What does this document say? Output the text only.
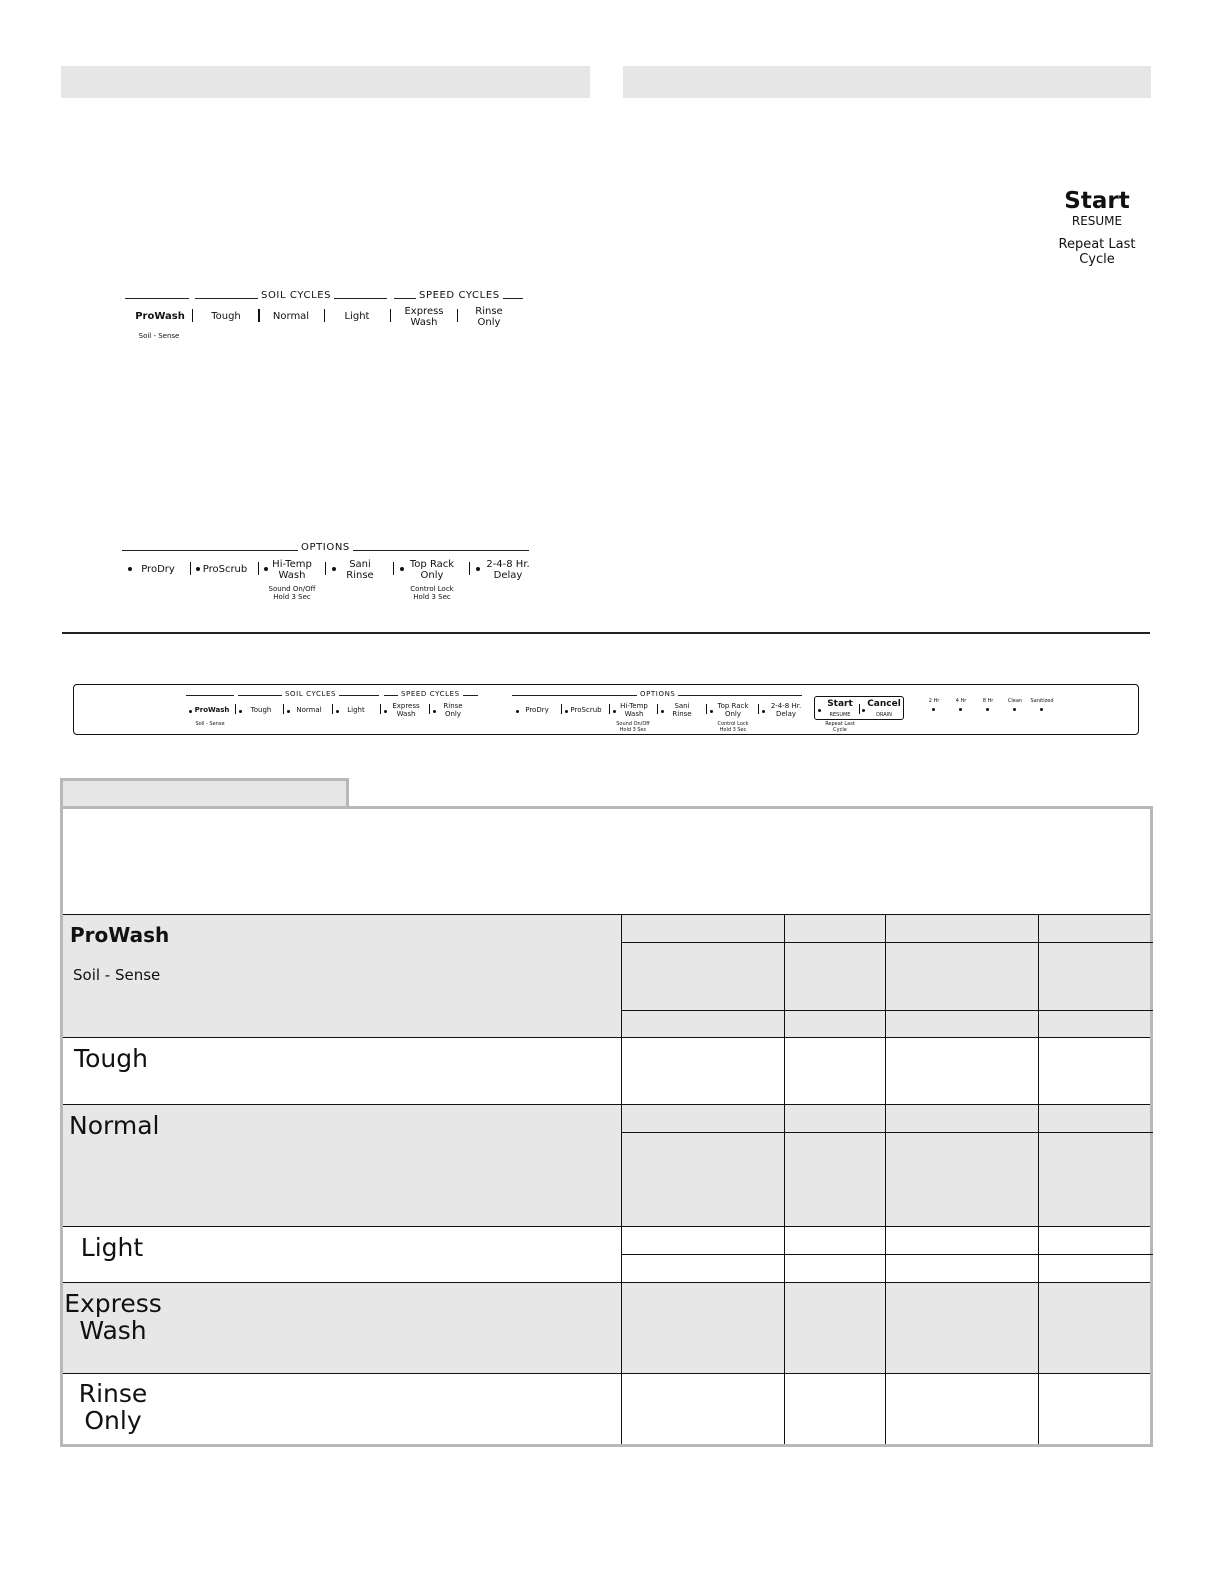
SOIL CYCLES	SPEED CYCLES
ProWash
Soil - Sense
Tough	Normal	Light	Express
Wash
Rinse
Only
OPTIONS
ProDry	ProScrub Hi-Temp
Wash
Sound On/Off
Hold 3 Sec
Sani
Rinse
Top Rack
Only
Control Lock
Hold 3 Sec
2-4-8 Hr.
Delay
Start
RESUME
Repeat Last
Cycle
SOIL CYCLES	SPEED CYCLES
ProWash
Soil - Sense
Tough	Normal	Light	Express
Wash
Rinse
Only
OPTIONS
ProDry	ProScrub	Hi-Temp
Wash
Sound On/Off
Hold 3 Sec
Sani
Rinse
Top Rack
Only
Control Lock
Hold 3 Sec
2-4-8 Hr.
Delay
Start
RESUME
Cancel
DRAIN
Repeat Last
Cycle
2 Hr	4 Hr	8 Hr	Clean	Sanitized
ProWash
Soil - Sense
Tough
Normal
Light
Express
Wash
Rinse
Only
